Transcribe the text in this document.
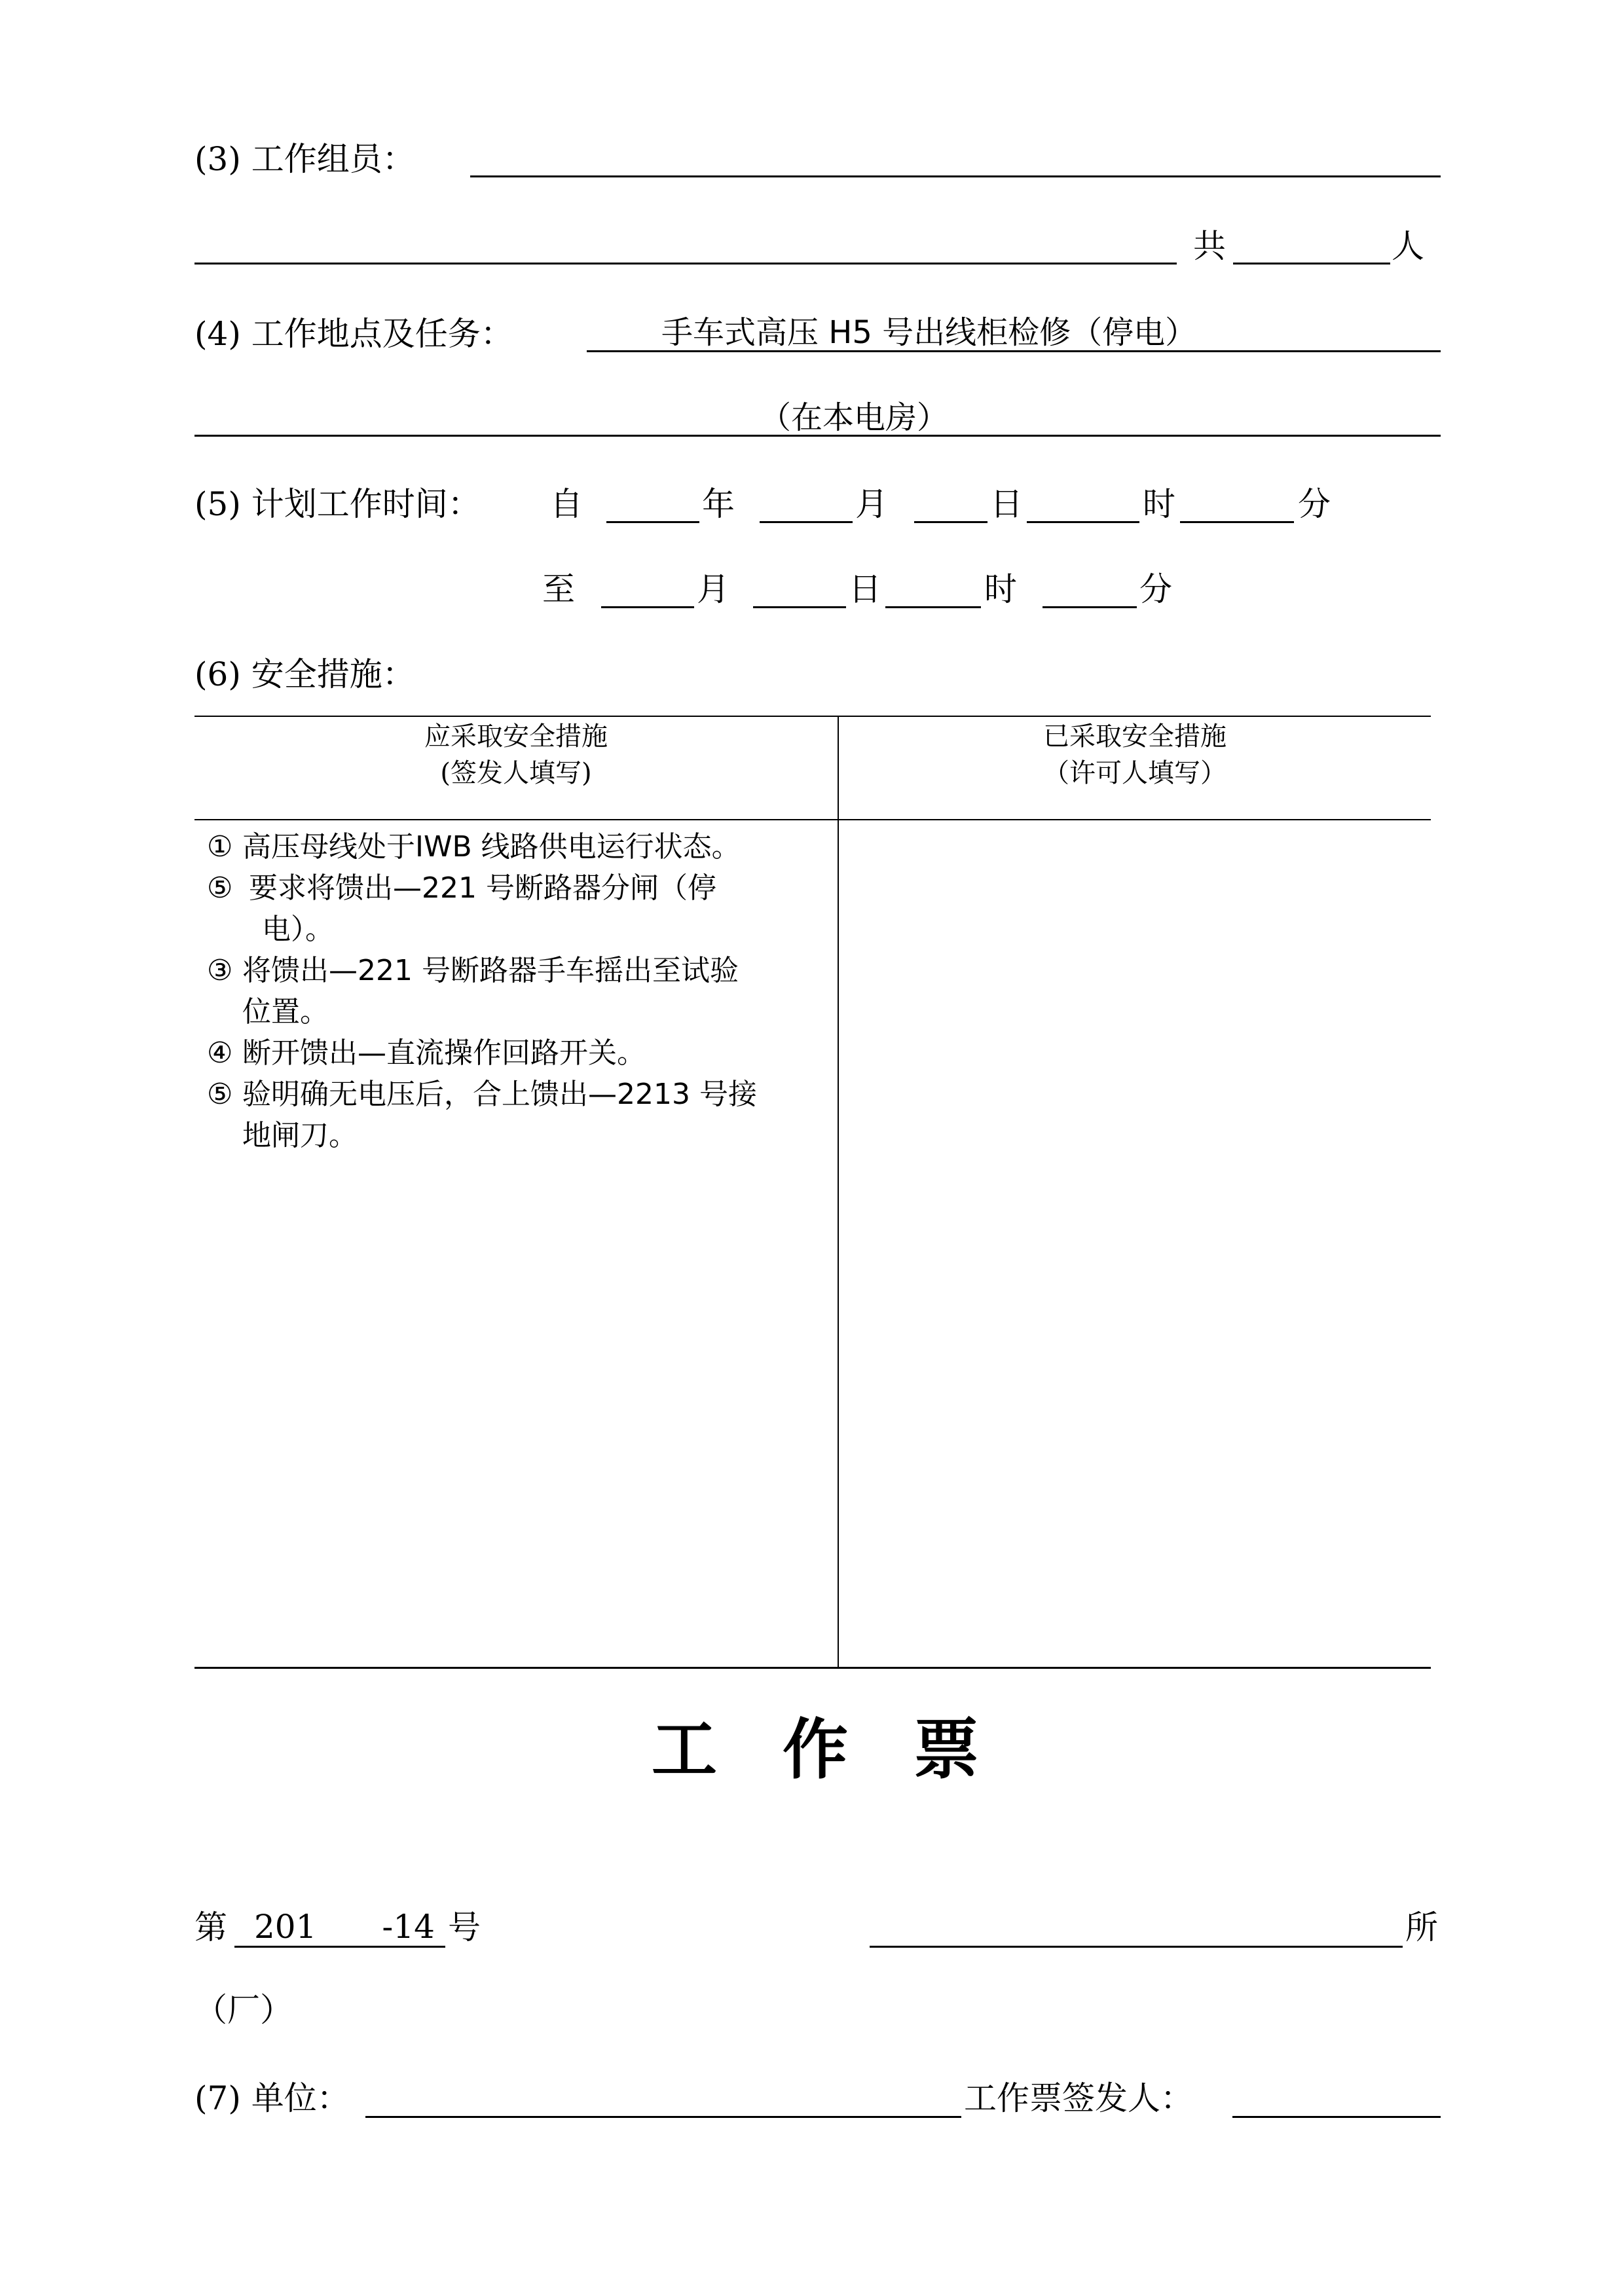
(3) 工作组员：
共	人
(4) 工作地点及任务：	手车式高压 H5 号出线柜检修（停电）
（在本电房）
(5) 计划工作时间： 自	年	月	日	时	分
至	月	日	时	分
(6) 安全措施：
应采取安全措施
(签发人填写)
已采取安全措施
（许可人填写）
① 高压母线处于ⅠWB 线路供电运行状态。
⑤ 要求将馈出—221 号断路器分闸（停
电）。
③ 将馈出—221 号断路器手车摇出至试验
位置。
④ 断开馈出—直流操作回路开关。
⑤ 验明确无电压后，合上馈出—2213 号接
地闸刀。
工　作　票
第 201　　-14 号	所
（厂）
(7) 单位：	工作票签发人：
